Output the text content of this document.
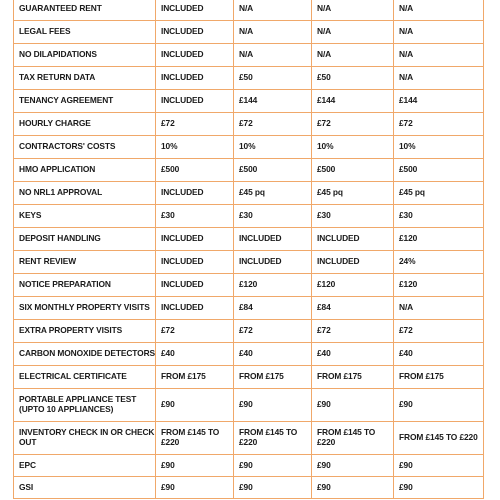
GUARANTEED RENT	INCLUDED	N/A	N/A	N/A
LEGAL FEES	INCLUDED	N/A	N/A	N/A
NO DILAPIDATIONS	INCLUDED	N/A	N/A	N/A
TAX RETURN DATA	INCLUDED	£50	£50	N/A
TENANCY AGREEMENT	INCLUDED	£144	£144	£144
HOURLY CHARGE	£72	£72	£72	£72
CONTRACTORS' COSTS	10%	10%	10%	10%
HMO APPLICATION	£500	£500	£500	£500
NO NRL1 APPROVAL	INCLUDED	£45 pq	£45 pq	£45 pq
KEYS	£30	£30	£30	£30
DEPOSIT HANDLING	INCLUDED	INCLUDED	INCLUDED	£120
RENT REVIEW	INCLUDED	INCLUDED	INCLUDED	24%
NOTICE PREPARATION	INCLUDED	£120	£120	£120
SIX MONTHLY PROPERTY VISITS	INCLUDED	£84	£84	N/A
EXTRA PROPERTY VISITS	£72	£72	£72	£72
CARBON MONOXIDE DETECTORS	£40	£40	£40	£40
ELECTRICAL CERTIFICATE	FROM £175	FROM £175	FROM £175	FROM £175
PORTABLE APPLIANCE TEST (UPTO 10 APPLIANCES)	£90	£90	£90	£90
INVENTORY CHECK IN OR CHECK OUT	FROM £145 TO £220	FROM £145 TO £220	FROM £145 TO £220	FROM £145 TO £220
EPC	£90	£90	£90	£90
GSI	£90	£90	£90	£90
